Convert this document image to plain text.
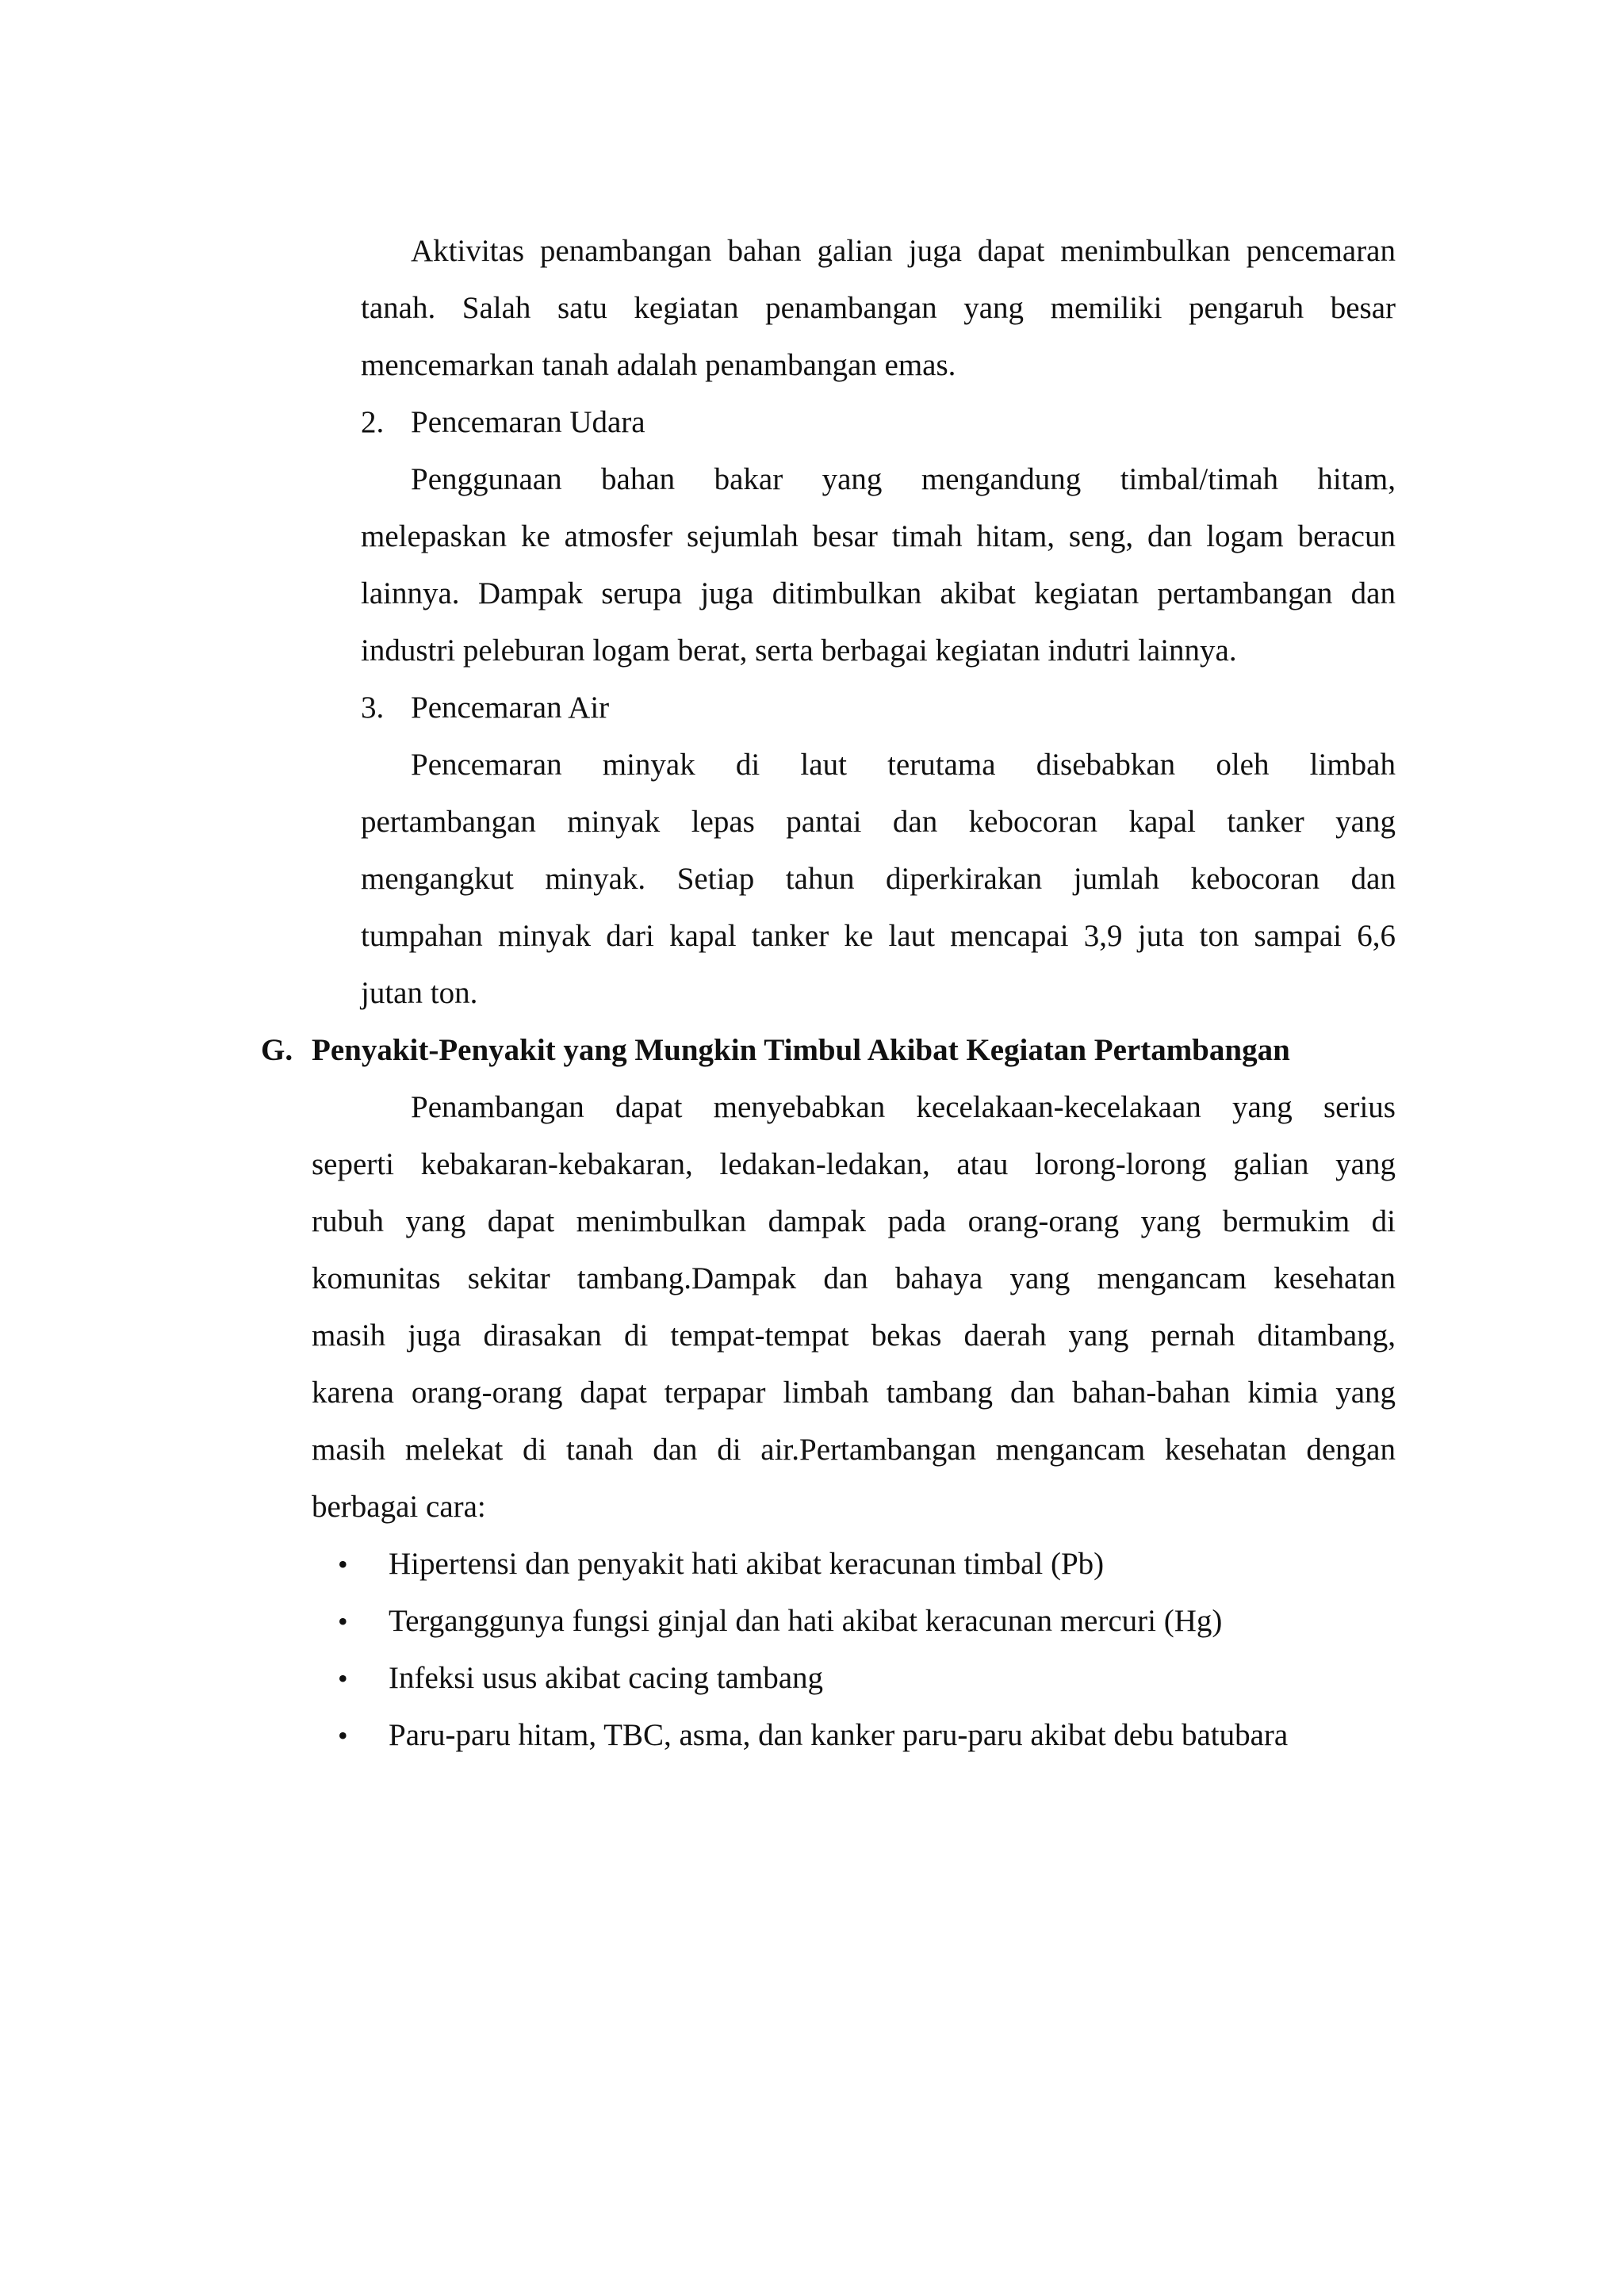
Aktivitas penambangan bahan galian juga dapat menimbulkan pencemaran
tanah. Salah satu kegiatan penambangan yang memiliki pengaruh besar
mencemarkan tanah adalah penambangan emas.
2. Pencemaran Udara
Penggunaan bahan bakar yang mengandung timbal/timah hitam,
melepaskan ke atmosfer sejumlah besar timah hitam, seng, dan logam beracun
lainnya. Dampak serupa juga ditimbulkan akibat kegiatan pertambangan dan
industri peleburan logam berat, serta berbagai kegiatan indutri lainnya.
3. Pencemaran Air
Pencemaran minyak di laut terutama disebabkan oleh limbah
pertambangan minyak lepas pantai dan kebocoran kapal tanker yang
mengangkut minyak. Setiap tahun diperkirakan jumlah kebocoran dan
tumpahan minyak dari kapal tanker ke laut mencapai 3,9 juta ton sampai 6,6
jutan ton.
G. Penyakit-Penyakit yang Mungkin Timbul Akibat Kegiatan Pertambangan
Penambangan dapat menyebabkan kecelakaan-kecelakaan yang serius
seperti kebakaran-kebakaran, ledakan-ledakan, atau lorong-lorong galian yang
rubuh yang dapat menimbulkan dampak pada orang-orang yang bermukim di
komunitas sekitar tambang.Dampak dan bahaya yang mengancam kesehatan
masih juga dirasakan di tempat-tempat bekas daerah yang pernah ditambang,
karena orang-orang dapat terpapar limbah tambang dan bahan-bahan kimia yang
masih melekat di tanah dan di air.Pertambangan mengancam kesehatan dengan
berbagai cara:
• Hipertensi dan penyakit hati akibat keracunan timbal (Pb)
• Terganggunya fungsi ginjal dan hati akibat keracunan mercuri (Hg)
• Infeksi usus akibat cacing tambang
• Paru-paru hitam, TBC, asma, dan kanker paru-paru akibat debu batubara
